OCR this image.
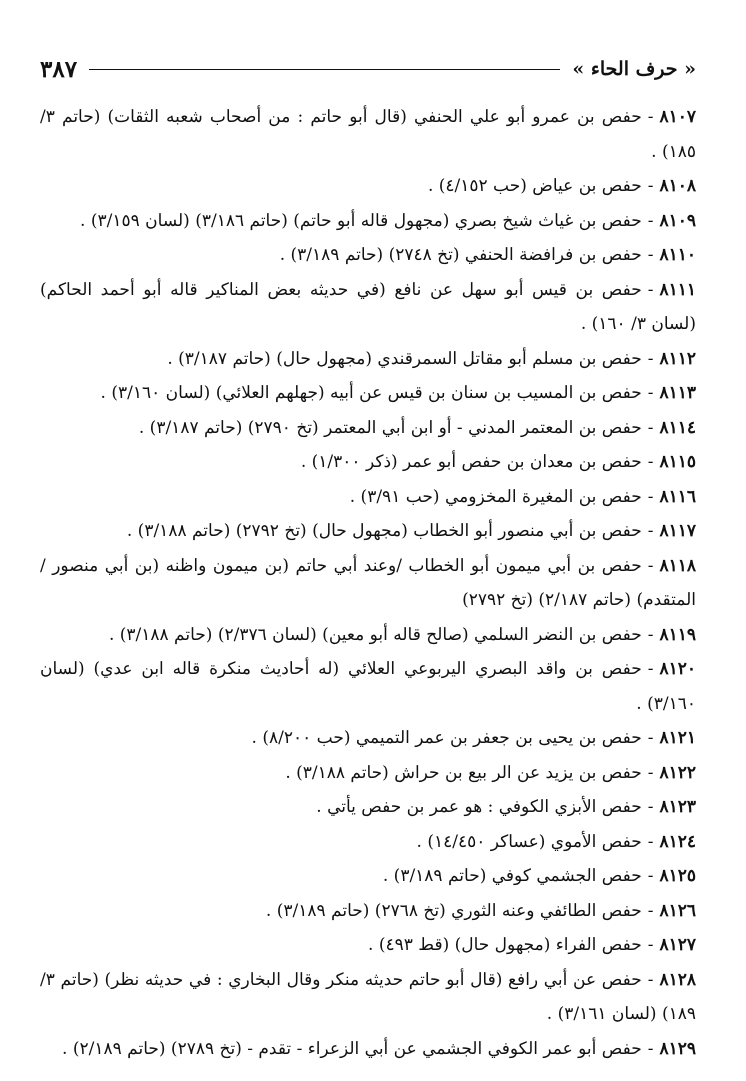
« حرف الحاء »
٣٨٧

٨١٠٧-حفص بن عمرو أبو علي الحنفي (قال أبو حاتم : من أصحاب شعبه الثقات) (حاتم ٣/ ١٨٥) .

٨١٠٨-حفص بن عياض (حب ٤/١٥٢) .

٨١٠٩-حفص بن غياث شيخ بصري (مجهول قاله أبو حاتم) (حاتم ٣/١٨٦) (لسان ٣/١٥٩) .

٨١١٠-حفص بن فرافضة الحنفي (تخ ٢٧٤٨) (حاتم ٣/١٨٩) .

٨١١١-حفص بن قيس أبو سهل عن نافع (في حديثه بعض المناكير قاله أبو أحمد الحاكم) (لسان ٣/ ١٦٠) .

٨١١٢-حفص بن مسلم أبو مقاتل السمرقندي (مجهول حال) (حاتم ٣/١٨٧) .

٨١١٣-حفص بن المسيب بن سنان بن قيس عن أبيه (جهلهم العلائي) (لسان ٣/١٦٠) .

٨١١٤-حفص بن المعتمر المدني - أو ابن أبي المعتمر (تخ ٢٧٩٠) (حاتم ٣/١٨٧) .

٨١١٥-حفص بن معدان بن حفص أبو عمر (ذكر ١/٣٠٠) .

٨١١٦-حفص بن المغيرة المخزومي (حب ٣/٩١) .

٨١١٧-حفص بن أبي منصور أبو الخطاب (مجهول حال) (تخ ٢٧٩٢) (حاتم ٣/١٨٨) .

٨١١٨-حفص بن أبي ميمون أبو الخطاب /وعند أبي حاتم (بن ميمون واظنه (بن أبي منصور /المتقدم) (حاتم ٢/١٨٧) (تخ ٢٧٩٢)

٨١١٩-حفص بن النضر السلمي (صالح قاله أبو معين) (لسان ٢/٣٧٦) (حاتم ٣/١٨٨) .

٨١٢٠-حفص بن واقد البصري اليربوعي العلائي (له أحاديث منكرة قاله ابن عدي) (لسان ٣/١٦٠) .

٨١٢١-حفص بن يحيى بن جعفر بن عمر التميمي (حب ٨/٢٠٠) .

٨١٢٢-حفص بن يزيد عن الر بيع بن حراش (حاتم ٣/١٨٨) .

٨١٢٣-حفص الأبزي الكوفي : هو عمر بن حفص يأتي .

٨١٢٤-حفص الأموي (عساكر ١٤/٤٥٠) .

٨١٢٥-حفص الجشمي كوفي (حاتم ٣/١٨٩) .

٨١٢٦-حفص الطائفي وعنه الثوري (تخ ٢٧٦٨) (حاتم ٣/١٨٩) .

٨١٢٧-حفص الفراء (مجهول حال) (قط ٤٩٣) .

٨١٢٨-حفص عن أبي رافع (قال أبو حاتم حديثه منكر وقال البخاري : في حديثه نظر) (حاتم ٣/ ١٨٩) (لسان ٣/١٦١) .

٨١٢٩-حفص أبو عمر الكوفي الجشمي عن أبي الزعراء - تقدم - (تخ ٢٧٨٩) (حاتم ٢/١٨٩) .
